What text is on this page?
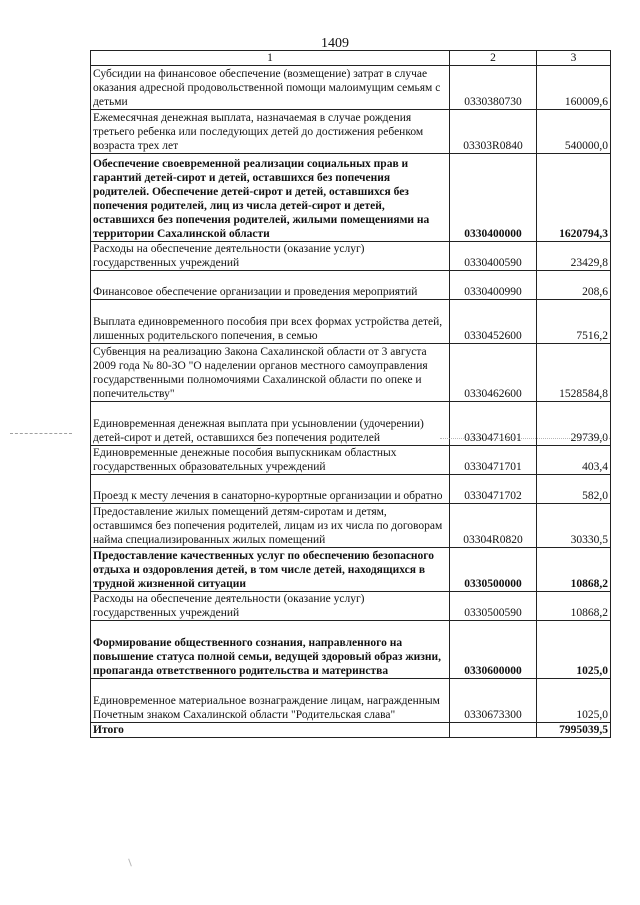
1409
1	2	3
Субсидии на финансовое обеспечение (возмещение) затрат в случае оказания адресной продовольственной помощи малоимущим семьям с детьми	0330380730	160009,6
Ежемесячная денежная выплата, назначаемая в случае рождения третьего ребенка или последующих детей до достижения ребенком возраста трех лет	03303R0840	540000,0
Обеспечение своевременной реализации социальных прав и гарантий детей-сирот и детей, оставшихся без попечения родителей. Обеспечение детей-сирот и детей, оставшихся без попечения родителей, лиц из числа детей-сирот и детей, оставшихся без попечения родителей, жилыми помещениями на территории Сахалинской области	0330400000	1620794,3
Расходы на обеспечение деятельности (оказание услуг) государственных учреждений	0330400590	23429,8
Финансовое обеспечение организации и проведения мероприятий	0330400990	208,6
Выплата единовременного пособия при всех формах устройства детей, лишенных родительского попечения, в семью	0330452600	7516,2
Субвенция на реализацию Закона Сахалинской области от 3 августа 2009 года № 80-ЗО "О наделении органов местного самоуправления государственными полномочиями Сахалинской области по опеке и попечительству"	0330462600	1528584,8
Единовременная денежная выплата при усыновлении (удочерении) детей-сирот и детей, оставшихся без попечения родителей	0330471601	29739,0
Единовременные денежные пособия выпускникам областных государственных образовательных учреждений	0330471701	403,4
Проезд к месту лечения в санаторно-курортные организации и обратно	0330471702	582,0
Предоставление жилых помещений детям-сиротам и детям, оставшимся без попечения родителей, лицам из их числа по договорам найма специализированных жилых помещений	03304R0820	30330,5
Предоставление качественных услуг по обеспечению безопасного отдыха и оздоровления детей, в том числе детей, находящихся в трудной жизненной ситуации	0330500000	10868,2
Расходы на обеспечение деятельности (оказание услуг) государственных учреждений	0330500590	10868,2
Формирование общественного сознания, направленного на повышение статуса полной семьи, ведущей здоровый образ жизни, пропаганда ответственного родительства и материнства	0330600000	1025,0
Единовременное материальное вознаграждение лицам, награжденным Почетным знаком Сахалинской области "Родительская слава"	0330673300	1025,0
Итого		7995039,5
